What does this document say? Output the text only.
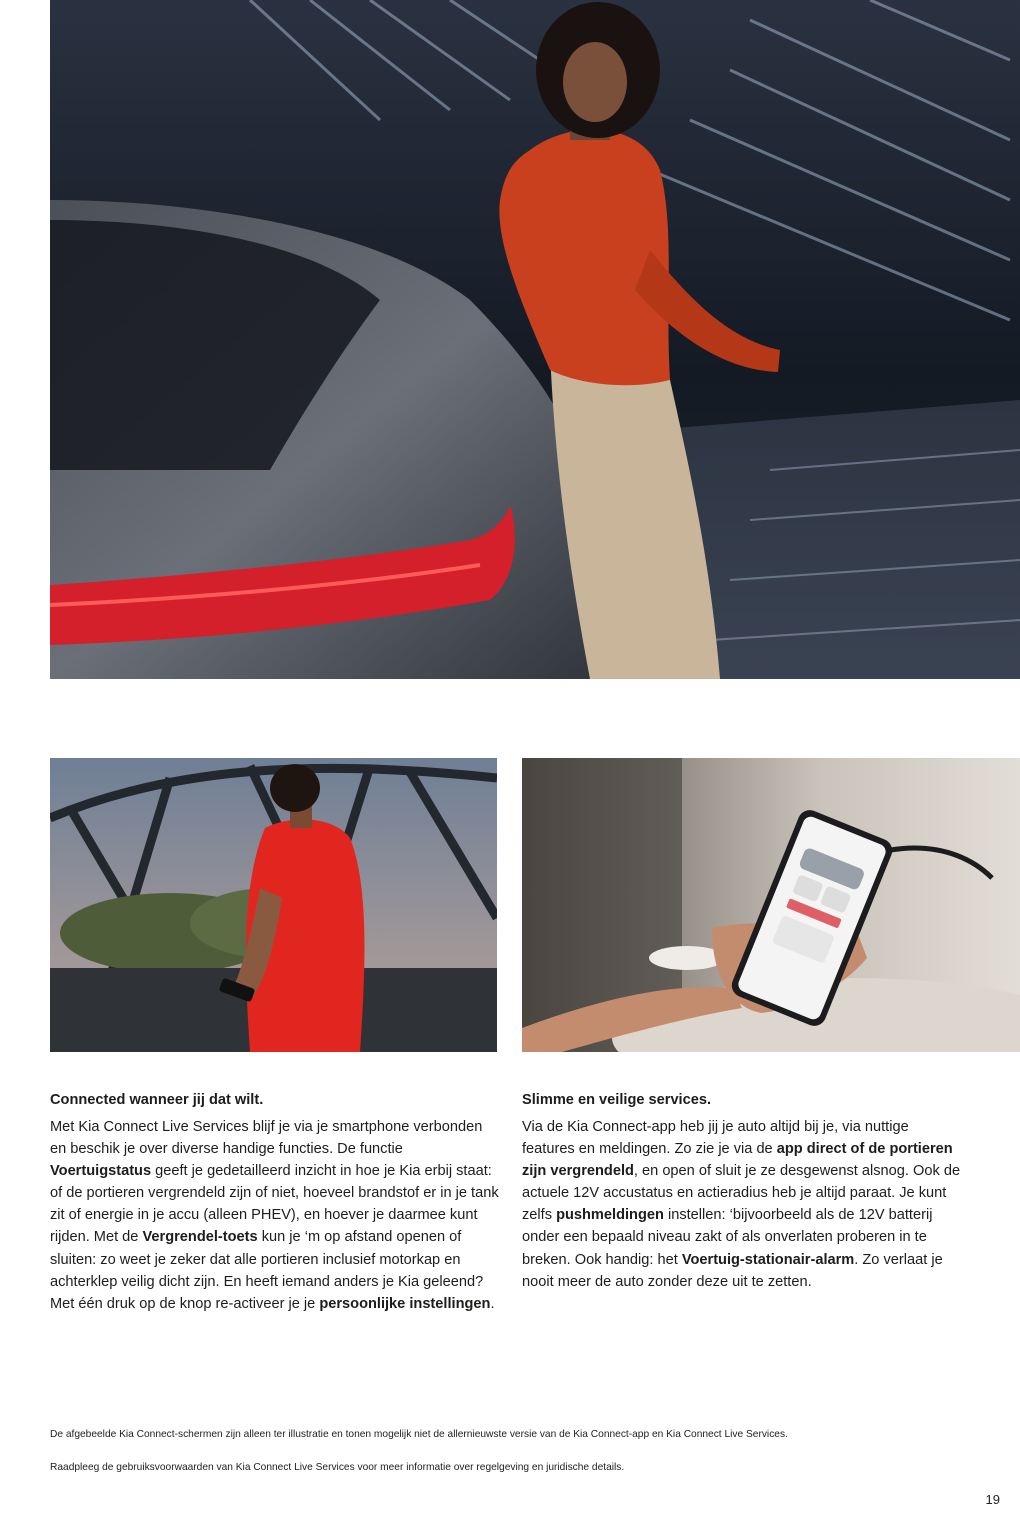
Connected wanneer jij dat wilt.

Met Kia Connect Live Services blijf je via je smartphone verbonden en beschik je over diverse handige functies. De functie Voertuigstatus geeft je gedetailleerd inzicht in hoe je Kia erbij staat: of de portieren vergrendeld zijn of niet, hoeveel brandstof er in je tank zit of energie in je accu (alleen PHEV), en hoever je daarmee kunt rijden. Met de Vergrendel-toets kun je ‘m op afstand openen of sluiten: zo weet je zeker dat alle portieren inclusief motorkap en achterklep veilig dicht zijn. En heeft iemand anders je Kia geleend? Met één druk op de knop re-activeer je je persoonlijke instellingen.

Slimme en veilige services.

Via de Kia Connect-app heb jij je auto altijd bij je, via nuttige features en meldingen. Zo zie je via de app direct of de portieren zijn vergrendeld, en open of sluit je ze desgewenst alsnog. Ook de actuele 12V accustatus en actieradius heb je altijd paraat. Je kunt zelfs pushmeldingen instellen: ‘bijvoorbeeld als de 12V batterij onder een bepaald niveau zakt of als onverlaten proberen in te breken. Ook handig: het Voertuig-stationair-alarm. Zo verlaat je nooit meer de auto zonder deze uit te zetten.

De afgebeelde Kia Connect-schermen zijn alleen ter illustratie en tonen mogelijk niet de allernieuwste versie van de Kia Connect-app en Kia Connect Live Services.
Raadpleeg de gebruiksvoorwaarden van Kia Connect Live Services voor meer informatie over regelgeving en juridische details.
19
